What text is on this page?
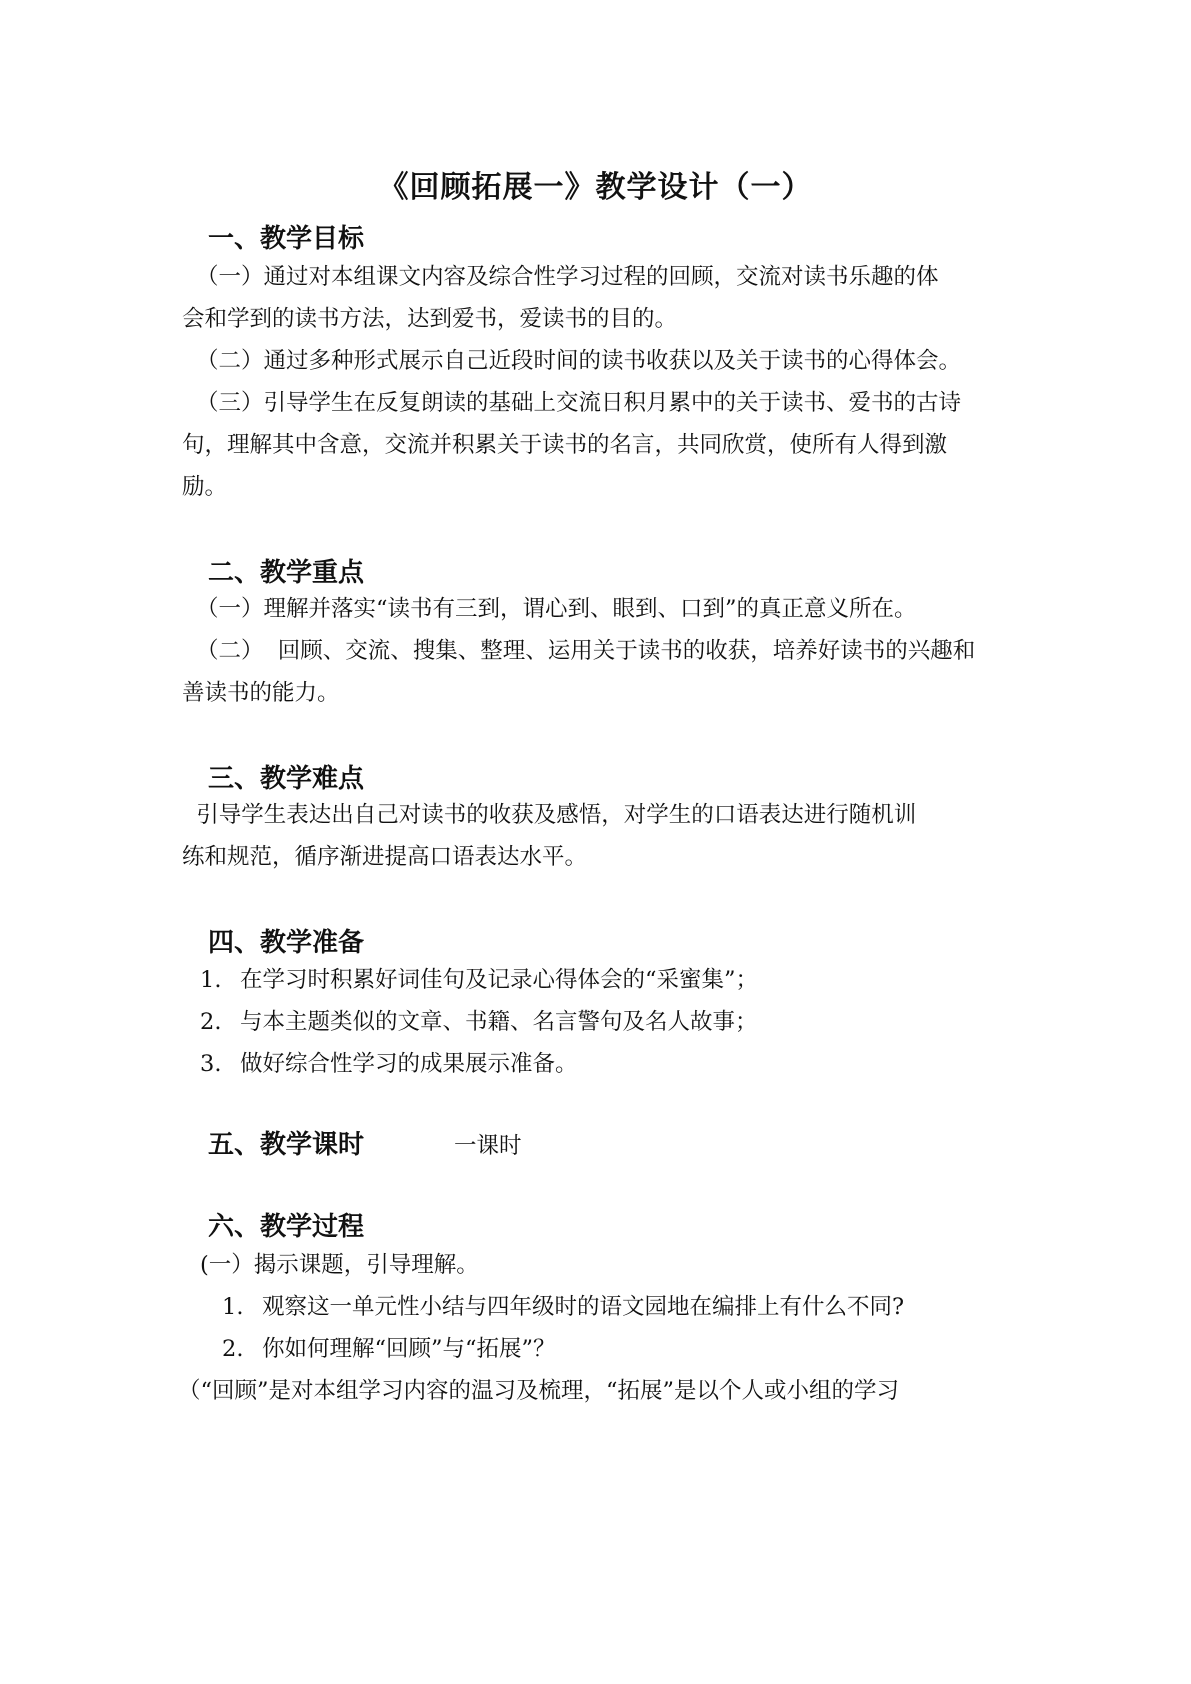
《回顾拓展一》教学设计（一）
一、教学目标
（一）通过对本组课文内容及综合性学习过程的回顾，交流对读书乐趣的体
会和学到的读书方法，达到爱书，爱读书的目的。
（二）通过多种形式展示自己近段时间的读书收获以及关于读书的心得体会。
（三）引导学生在反复朗读的基础上交流日积月累中的关于读书、爱书的古诗
句，理解其中含意，交流并积累关于读书的名言，共同欣赏，使所有人得到激
励。
二、教学重点
（一）理解并落实“读书有三到，谓心到、眼到、口到”的真正意义所在。
（二）  回顾、交流、搜集、整理、运用关于读书的收获，培养好读书的兴趣和
善读书的能力。
三、教学难点
引导学生表达出自己对读书的收获及感悟，对学生的口语表达进行随机训
练和规范，循序渐进提高口语表达水平。
四、教学准备
1. 在学习时积累好词佳句及记录心得体会的“采蜜集”；
2. 与本主题类似的文章、书籍、名言警句及名人故事；
3. 做好综合性学习的成果展示准备。
五、教学课时	一课时
六、教学过程
(一）揭示课题，引导理解。
1. 观察这一单元性小结与四年级时的语文园地在编排上有什么不同?
2. 你如何理解“回顾”与“拓展”？
（“回顾”是对本组学习内容的温习及梳理，“拓展”是以个人或小组的学习
